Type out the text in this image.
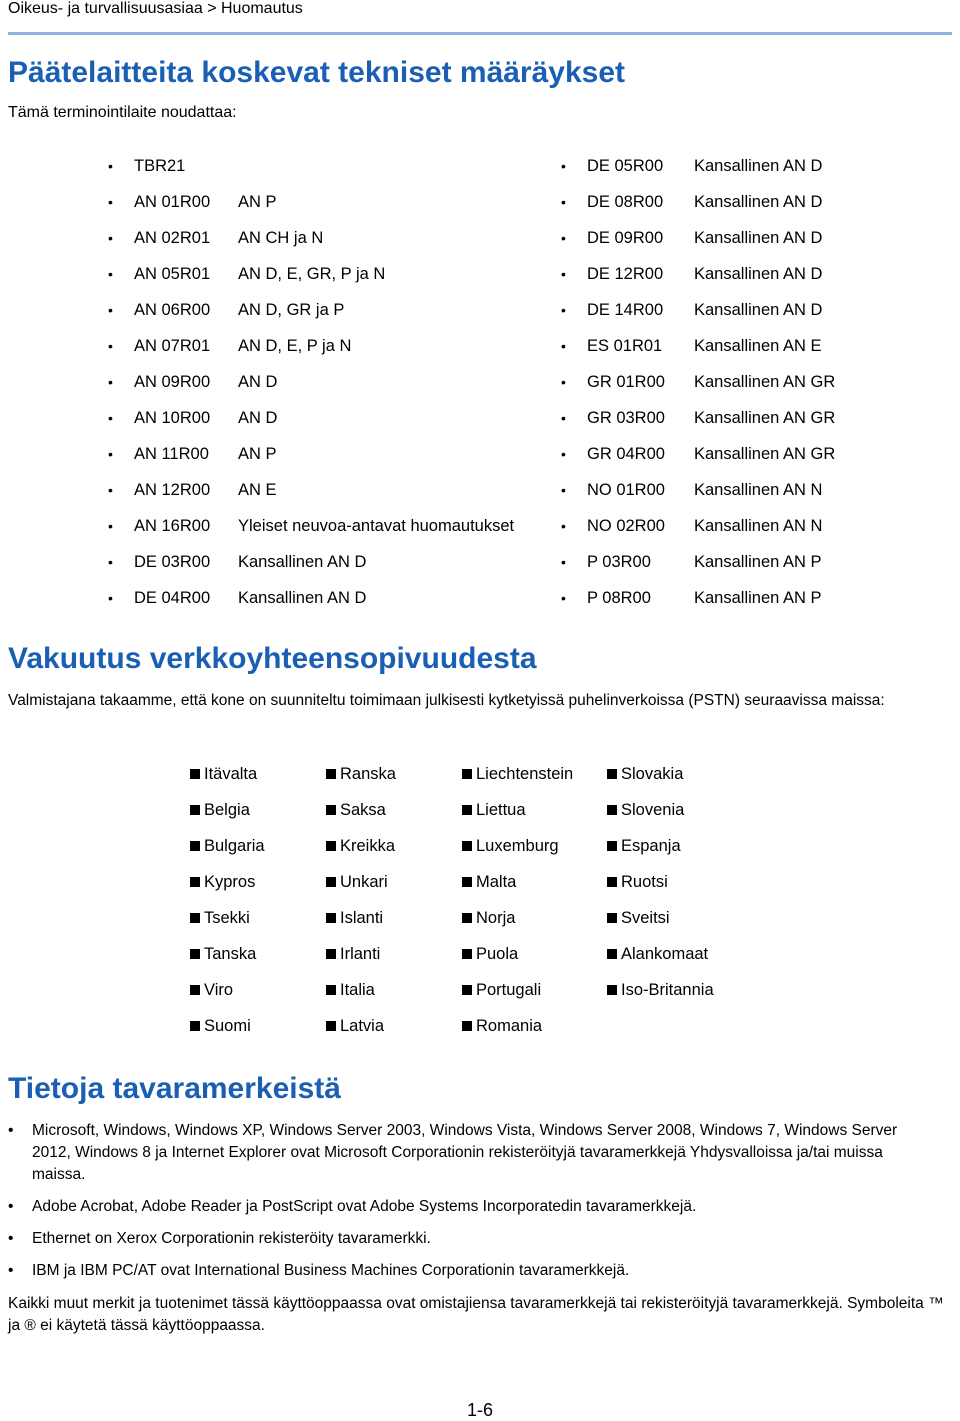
Oikeus- ja turvallisuusasiaa > Huomautus
Päätelaitteita koskevat tekniset määräykset
Tämä terminointilaite noudattaa:
•	TBR21
•	AN 01R00	AN P
•	AN 02R01	AN CH ja N
•	AN 05R01	AN D, E, GR, P ja N
•	AN 06R00	AN D, GR ja P
•	AN 07R01	AN D, E, P ja N
•	AN 09R00	AN D
•	AN 10R00	AN D
•	AN 11R00	AN P
•	AN 12R00	AN E
•	AN 16R00	Yleiset neuvoa-antavat huomautukset
•	DE 03R00	Kansallinen AN D
•	DE 04R00	Kansallinen AN D
•	DE 05R00	Kansallinen AN D
•	DE 08R00	Kansallinen AN D
•	DE 09R00	Kansallinen AN D
•	DE 12R00	Kansallinen AN D
•	DE 14R00	Kansallinen AN D
•	ES 01R01	Kansallinen AN E
•	GR 01R00	Kansallinen AN GR
•	GR 03R00	Kansallinen AN GR
•	GR 04R00	Kansallinen AN GR
•	NO 01R00	Kansallinen AN N
•	NO 02R00	Kansallinen AN N
•	P 03R00	Kansallinen AN P
•	P 08R00	Kansallinen AN P
Vakuutus verkkoyhteensopivuudesta
Valmistajana takaamme, että kone on suunniteltu toimimaan julkisesti kytketyissä puhelinverkoissa (PSTN) seuraavissa maissa:
Itävalta	Ranska	Liechtenstein	Slovakia
Belgia	Saksa	Liettua	Slovenia
Bulgaria	Kreikka	Luxemburg	Espanja
Kypros	Unkari	Malta	Ruotsi
Tsekki	Islanti	Norja	Sveitsi
Tanska	Irlanti	Puola	Alankomaat
Viro	Italia	Portugali	Iso-Britannia
Suomi	Latvia	Romania
Tietoja tavaramerkeistä
•	Microsoft, Windows, Windows XP, Windows Server 2003, Windows Vista, Windows Server 2008, Windows 7, Windows Server 2012, Windows 8 ja Internet Explorer ovat Microsoft Corporationin rekisteröityjä tavaramerkkejä Yhdysvalloissa ja/tai muissa maissa.
•	Adobe Acrobat, Adobe Reader ja PostScript ovat Adobe Systems Incorporatedin tavaramerkkejä.
•	Ethernet on Xerox Corporationin rekisteröity tavaramerkki.
•	IBM ja IBM PC/AT ovat International Business Machines Corporationin tavaramerkkejä.
Kaikki muut merkit ja tuotenimet tässä käyttöoppaassa ovat omistajiensa tavaramerkkejä tai rekisteröityjä tavaramerkkejä. Symboleita ™ ja ® ei käytetä tässä käyttöoppaassa.
1-6
